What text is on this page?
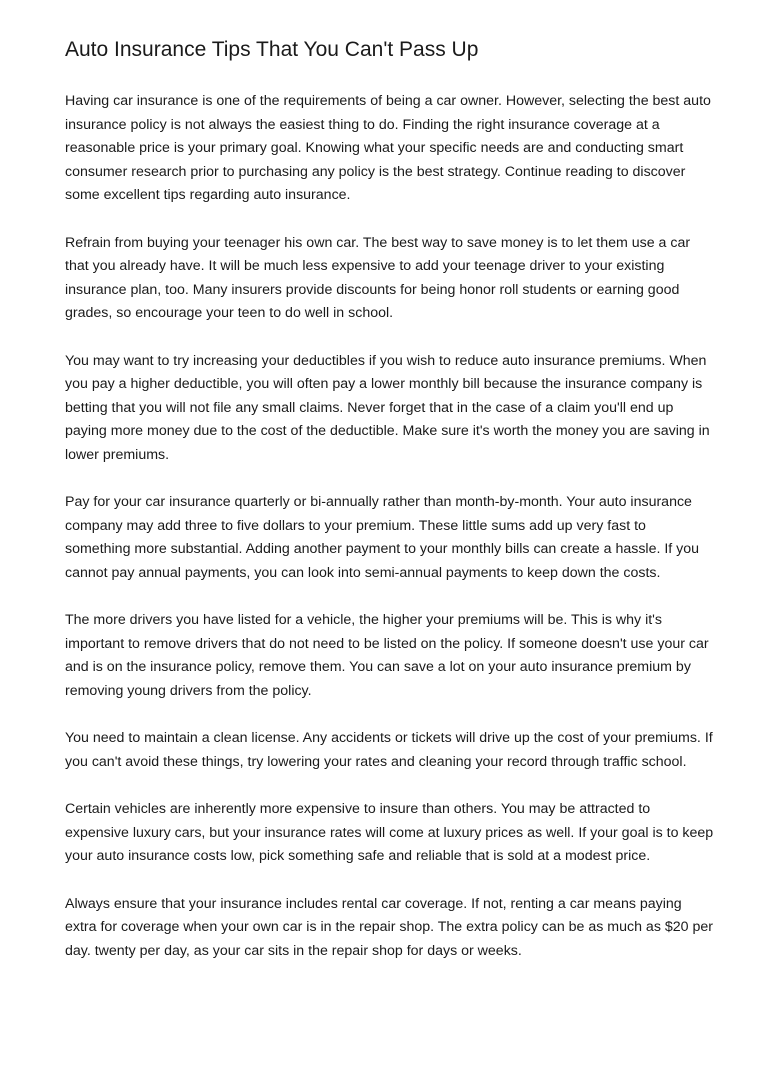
Auto Insurance Tips That You Can't Pass Up

Having car insurance is one of the requirements of being a car owner. However, selecting the best auto insurance policy is not always the easiest thing to do. Finding the right insurance coverage at a reasonable price is your primary goal. Knowing what your specific needs are and conducting smart consumer research prior to purchasing any policy is the best strategy. Continue reading to discover some excellent tips regarding auto insurance.

Refrain from buying your teenager his own car. The best way to save money is to let them use a car that you already have. It will be much less expensive to add your teenage driver to your existing insurance plan, too. Many insurers provide discounts for being honor roll students or earning good grades, so encourage your teen to do well in school.

You may want to try increasing your deductibles if you wish to reduce auto insurance premiums. When you pay a higher deductible, you will often pay a lower monthly bill because the insurance company is betting that you will not file any small claims. Never forget that in the case of a claim you'll end up paying more money due to the cost of the deductible. Make sure it's worth the money you are saving in lower premiums.

Pay for your car insurance quarterly or bi-annually rather than month-by-month. Your auto insurance company may add three to five dollars to your premium. These little sums add up very fast to something more substantial. Adding another payment to your monthly bills can create a hassle. If you cannot pay annual payments, you can look into semi-annual payments to keep down the costs.

The more drivers you have listed for a vehicle, the higher your premiums will be. This is why it's important to remove drivers that do not need to be listed on the policy. If someone doesn't use your car and is on the insurance policy, remove them. You can save a lot on your auto insurance premium by removing young drivers from the policy.

You need to maintain a clean license. Any accidents or tickets will drive up the cost of your premiums. If you can't avoid these things, try lowering your rates and cleaning your record through traffic school.

Certain vehicles are inherently more expensive to insure than others. You may be attracted to expensive luxury cars, but your insurance rates will come at luxury prices as well. If your goal is to keep your auto insurance costs low, pick something safe and reliable that is sold at a modest price.

Always ensure that your insurance includes rental car coverage. If not, renting a car means paying extra for coverage when your own car is in the repair shop. The extra policy can be as much as $20 per day. twenty per day, as your car sits in the repair shop for days or weeks.
